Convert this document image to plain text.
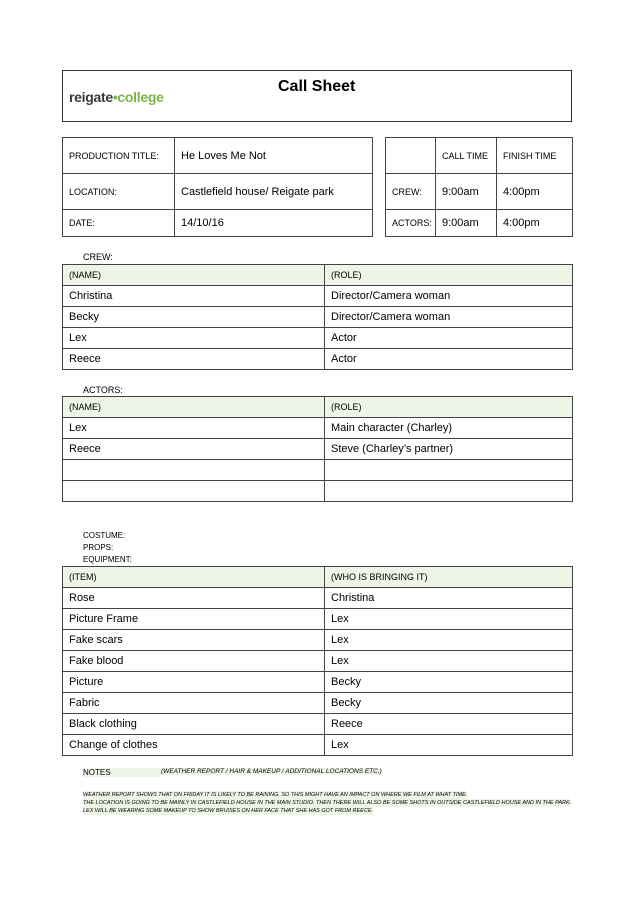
reigate•college
Call Sheet
PRODUCTION TITLE:	He Loves Me Not
LOCATION:	Castlefield house/ Reigate park
DATE:	14/10/16
	CALL TIME	FINISH TIME
CREW:	9:00am	4:00pm
ACTORS:	9:00am	4:00pm
CREW:
(NAME)	(ROLE)
Christina	Director/Camera woman
Becky	Director/Camera woman
Lex	Actor
Reece	Actor
ACTORS:
(NAME)	(ROLE)
Lex	Main character (Charley)
Reece	Steve (Charley’s partner)

COSTUME:
PROPS:
EQUIPMENT:
(ITEM)	(WHO IS BRINGING IT)
Rose	Christina
Picture Frame	Lex
Fake scars	Lex
Fake blood	Lex
Picture	Becky
Fabric	Becky
Black clothing	Reece
Change of clothes	Lex
NOTES	(WEATHER REPORT / HAIR & MAKEUP / ADDITIONAL LOCATIONS ETC.)
WEATHER REPORT SHOWS THAT ON FRIDAY IT IS LIKELY TO BE RAINING. SO THIS MIGHT HAVE AN IMPACT ON WHERE WE FILM AT WHAT TIME.
THE LOCATION IS GOING TO BE MAINLY IN CASTLEFIELD HOUSE IN THE MAIN STUDIO. THEN THERE WILL ALSO BE SOME SHOTS IN OUTSIDE CASTLEFIELD HOUSE AND IN THE PARK.
LEX WILL BE WEARING SOME MAKEUP TO SHOW BRUISES ON HER FACE THAT SHE HAS GOT FROM REECE.
